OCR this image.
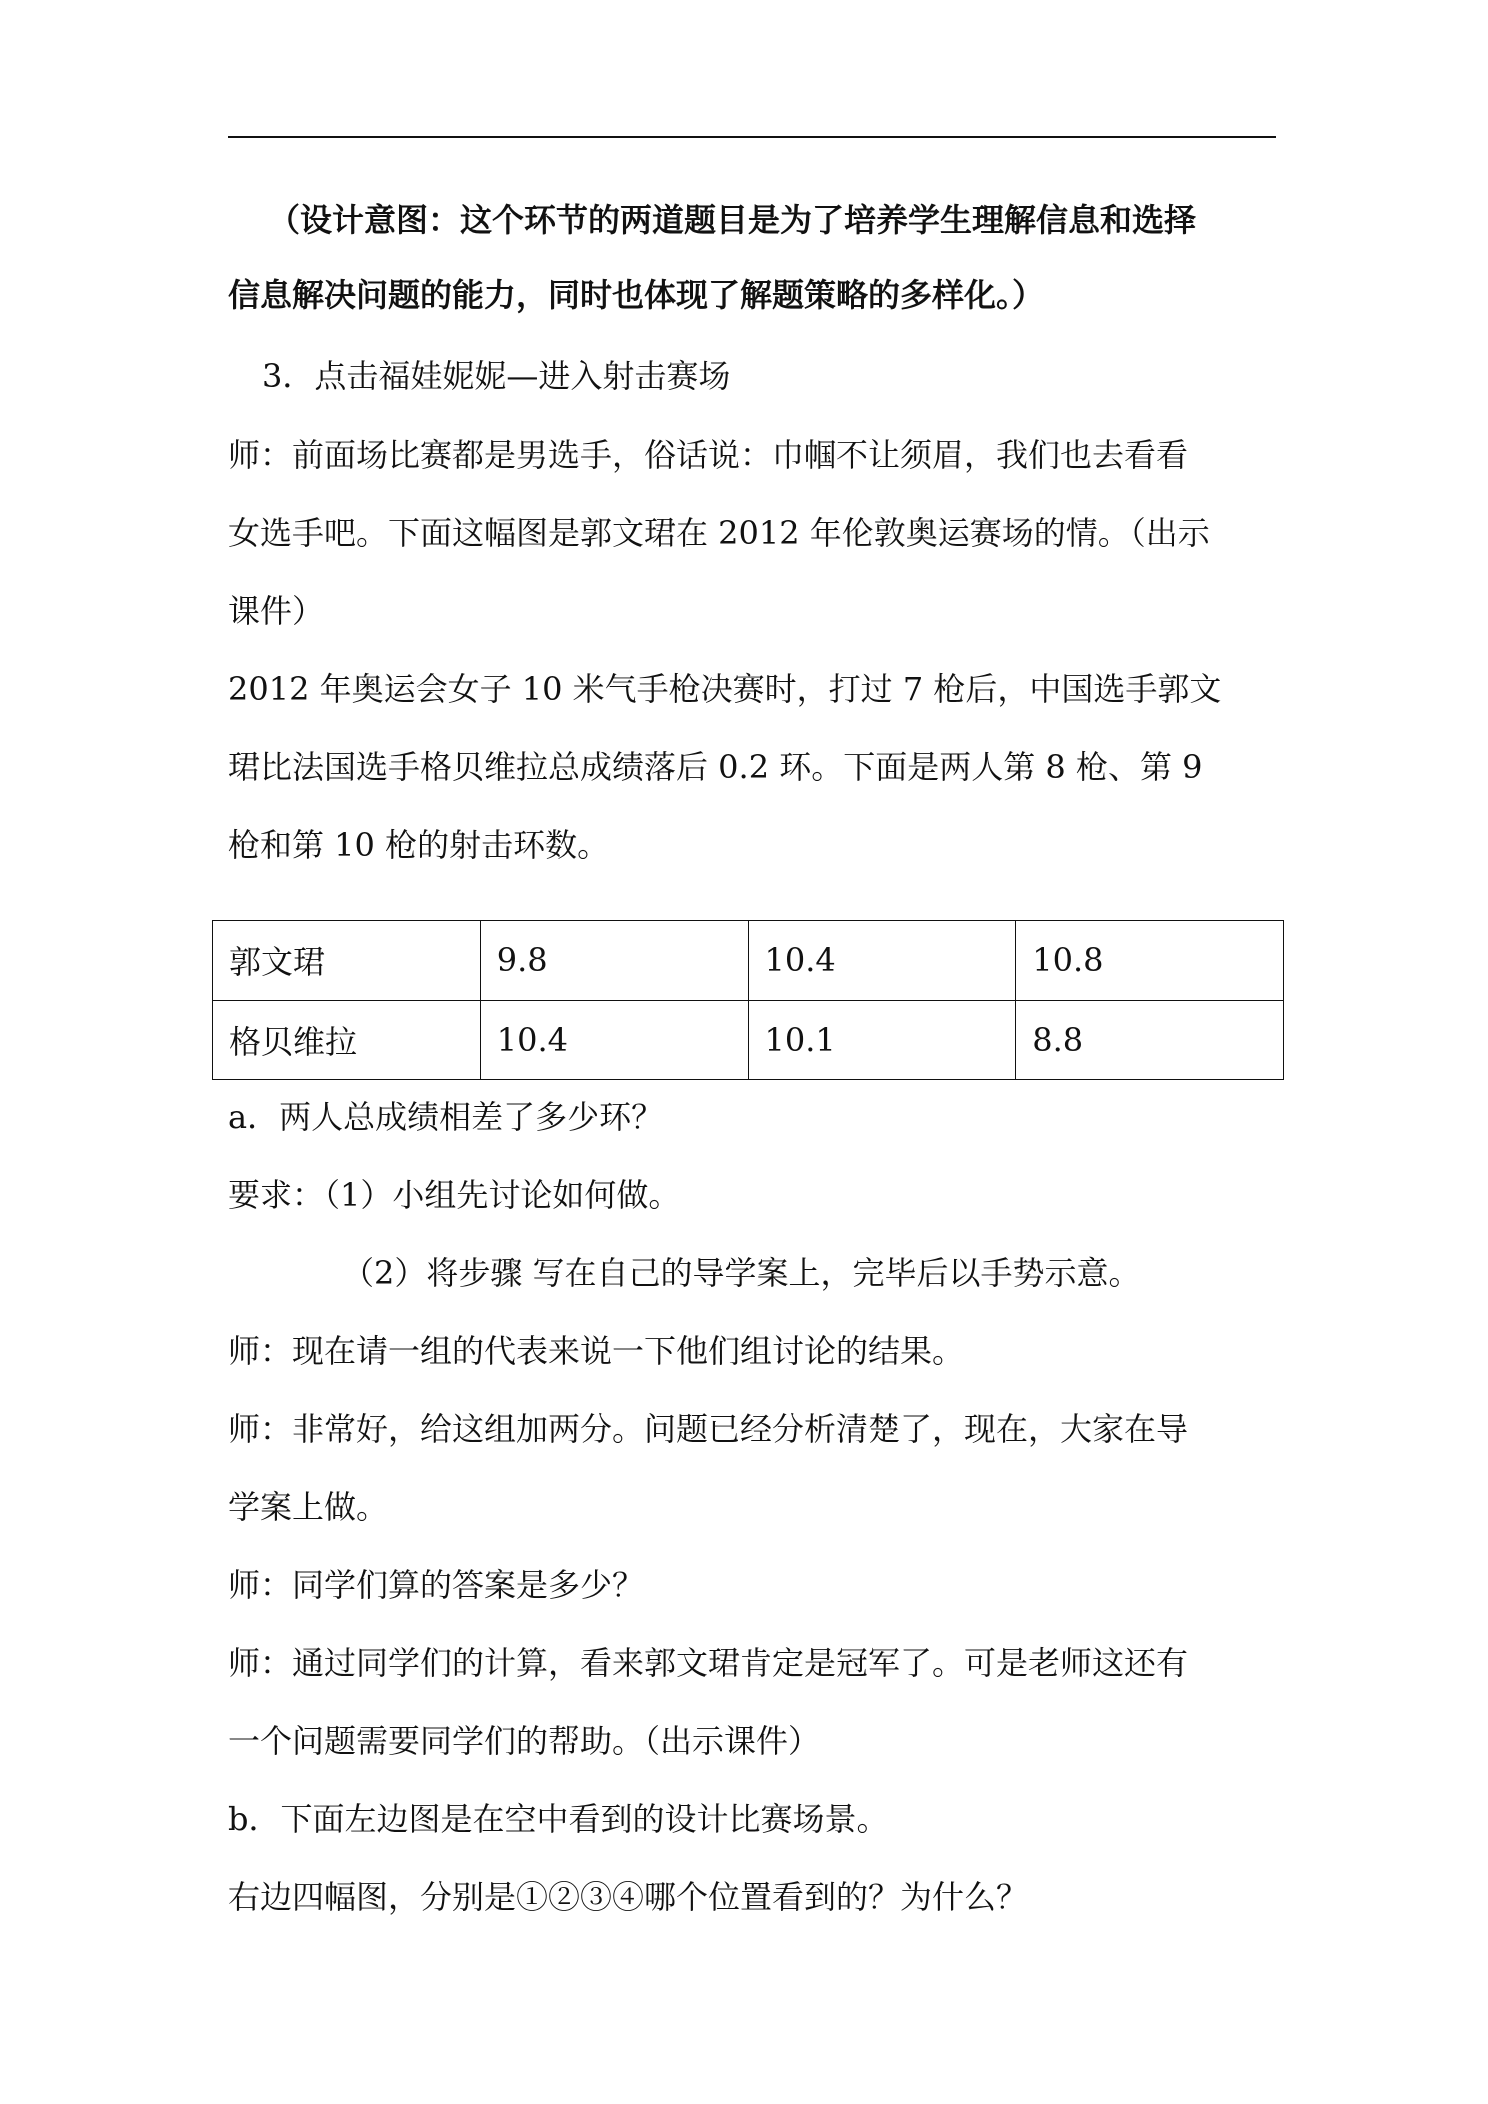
（设计意图：这个环节的两道题目是为了培养学生理解信息和选择
信息解决问题的能力，同时也体现了解题策略的多样化。）
3．点击福娃妮妮—进入射击赛场
师：前面场比赛都是男选手，俗话说：巾帼不让须眉，我们也去看看
女选手吧。下面这幅图是郭文珺在 2012 年伦敦奥运赛场的情。（出示
课件）
2012 年奥运会女子 10 米气手枪决赛时，打过 7 枪后，中国选手郭文
珺比法国选手格贝维拉总成绩落后 0.2 环。下面是两人第 8 枪、第 9
枪和第 10 枪的射击环数。
郭文珺	9.8	10.4	10.8
格贝维拉	10.4	10.1	8.8
a．两人总成绩相差了多少环？
要求：（1）小组先讨论如何做。
（2）将步骤 写在自己的导学案上，完毕后以手势示意。
师：现在请一组的代表来说一下他们组讨论的结果。
师：非常好，给这组加两分。问题已经分析清楚了，现在，大家在导
学案上做。
师：同学们算的答案是多少？
师：通过同学们的计算，看来郭文珺肯定是冠军了。可是老师这还有
一个问题需要同学们的帮助。（出示课件）
b．下面左边图是在空中看到的设计比赛场景。
右边四幅图，分别是①②③④哪个位置看到的？为什么？
